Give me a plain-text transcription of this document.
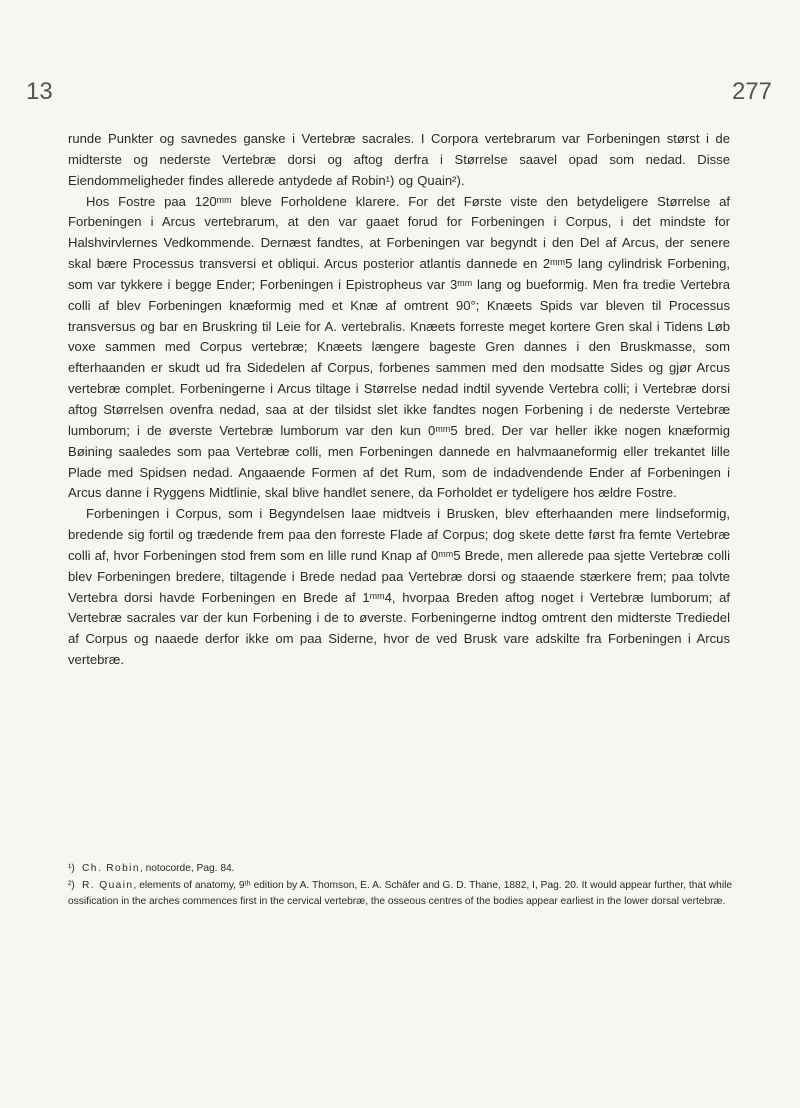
13	277

runde Punkter og savnedes ganske i Vertebræ sacrales. I Corpora vertebrarum var Forbeningen størst i de midterste og nederste Vertebræ dorsi og aftog derfra i Størrelse saavel opad som nedad. Disse Eiendommeligheder findes allerede antydede af Robin¹) og Quain²).

Hos Fostre paa 120ᵐᵐ bleve Forholdene klarere. For det Første viste den betydeligere Størrelse af Forbeningen i Arcus vertebrarum, at den var gaaet forud for Forbeningen i Corpus, i det mindste for Halshvirvlernes Vedkommende. Dernæst fandtes, at Forbeningen var begyndt i den Del af Arcus, der senere skal bære Processus transversi et obliqui. Arcus posterior atlantis dannede en 2ᵐᵐ5 lang cylindrisk Forbening, som var tykkere i begge Ender; Forbeningen i Epistropheus var 3ᵐᵐ lang og bueformig. Men fra tredie Vertebra colli af blev Forbeningen knæformig med et Knæ af omtrent 90°; Knæets Spids var bleven til Processus transversus og bar en Bruskring til Leie for A. vertebralis. Knæets forreste meget kortere Gren skal i Tidens Løb voxe sammen med Corpus vertebræ; Knæets længere bageste Gren dannes i den Bruskmasse, som efterhaanden er skudt ud fra Sidedelen af Corpus, forbenes sammen med den modsatte Sides og gjør Arcus vertebræ complet. Forbeningerne i Arcus tiltage i Størrelse nedad indtil syvende Vertebra colli; i Vertebræ dorsi aftog Størrelsen ovenfra nedad, saa at der tilsidst slet ikke fandtes nogen Forbening i de nederste Vertebræ lumborum; i de øverste Vertebræ lumborum var den kun 0ᵐᵐ5 bred. Der var heller ikke nogen knæformig Bøining saaledes som paa Vertebræ colli, men Forbeningen dannede en halvmaaneformig eller trekantet lille Plade med Spidsen nedad. Angaaende Formen af det Rum, som de indadvendende Ender af Forbeningen i Arcus danne i Ryggens Midtlinie, skal blive handlet senere, da Forholdet er tydeligere hos ældre Fostre.

Forbeningen i Corpus, som i Begyndelsen laae midtveis i Brusken, blev efterhaanden mere lindseformig, bredende sig fortil og trædende frem paa den forreste Flade af Corpus; dog skete dette først fra femte Vertebræ colli af, hvor Forbeningen stod frem som en lille rund Knap af 0ᵐᵐ5 Brede, men allerede paa sjette Vertebræ colli blev Forbeningen bredere, tiltagende i Brede nedad paa Vertebræ dorsi og staaende stærkere frem; paa tolvte Vertebra dorsi havde Forbeningen en Brede af 1ᵐᵐ4, hvorpaa Breden aftog noget i Vertebræ lumborum; af Vertebræ sacrales var der kun Forbening i de to øverste. Forbeningerne indtog omtrent den midterste Trediedel af Corpus og naaede derfor ikke om paa Siderne, hvor de ved Brusk vare adskilte fra Forbeningen i Arcus vertebræ.

¹) Ch. Robin, notocorde, Pag. 84.

²) R. Quain, elements of anatomy, 9ᵗʰ edition by A. Thomson, E. A. Schäfer and G. D. Thane, 1882, I, Pag. 20. It would appear further, that while ossification in the arches commences first in the cervical vertebræ, the osseous centres of the bodies appear earliest in the lower dorsal vertebræ.
